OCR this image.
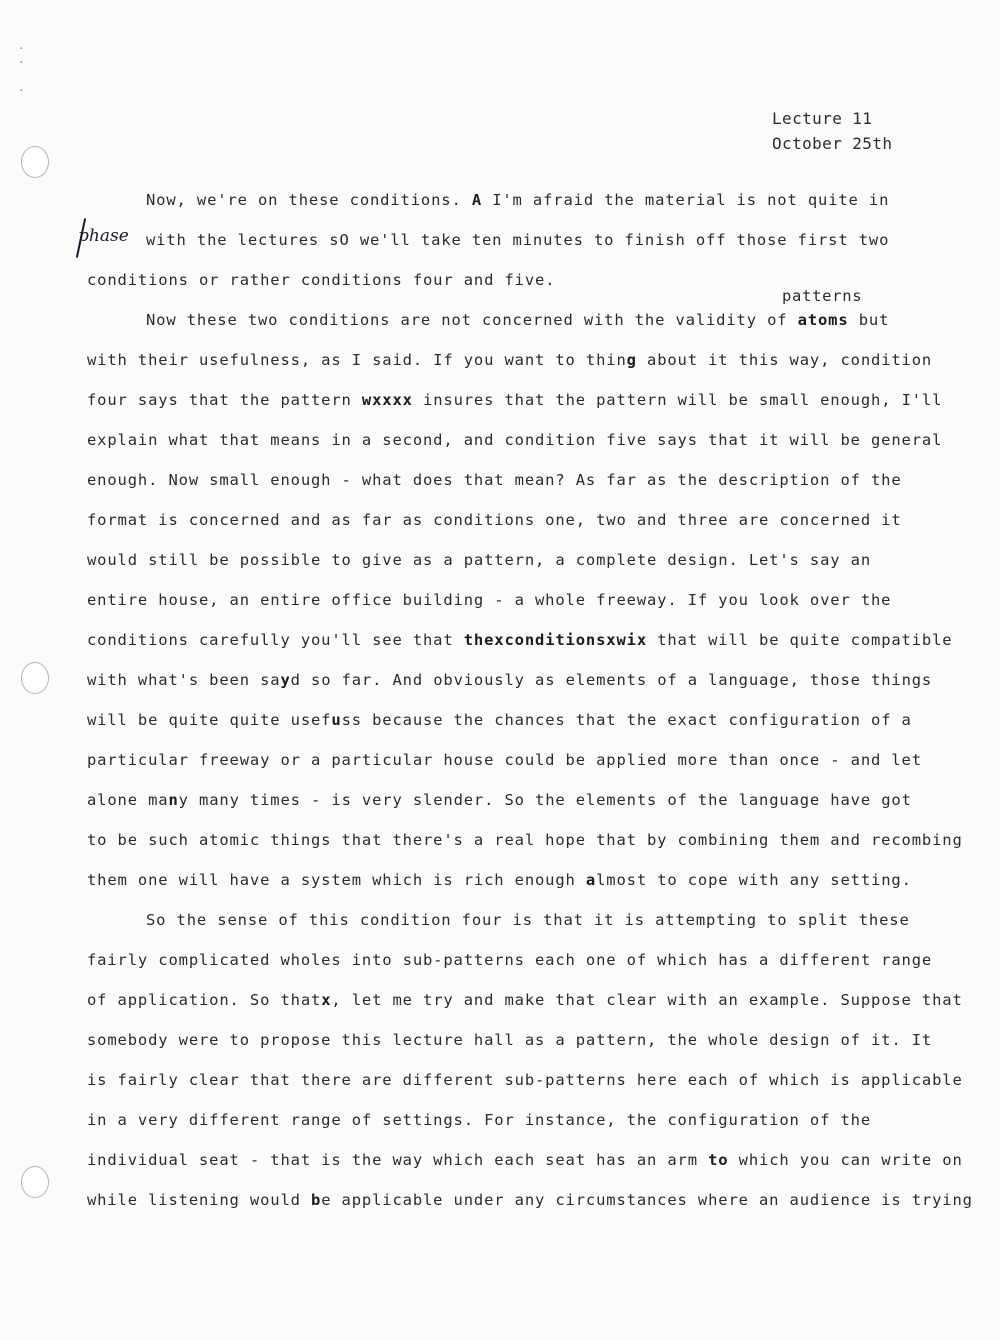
·
·

·
Lecture 11
October 25th
patterns
phase
Now, we're on these conditions. A I'm afraid the material is not quite in
with the lectures sO we'll take ten minutes to finish off those first two
conditions or rather conditions four and five.
Now these two conditions are not concerned with the validity of atoms but
with their usefulness, as I said. If you want to thing about it this way, condition
four says that the pattern wxxxx insures that the pattern will be small enough, I'll
explain what that means in a second, and condition five says that it will be general
enough. Now small enough - what does that mean? As far as the description of the
format is concerned and as far as conditions one, two and three are concerned it
would still be possible to give as a pattern, a complete design. Let's say an
entire house, an entire office building - a whole freeway. If you look over the
conditions carefully you'll see that thexconditionsxwix that will be quite compatible
with what's been sayd so far. And obviously as elements of a language, those things
will be quite quite usefuss because the chances that the exact configuration of a
particular freeway or a particular house could be applied more than once - and let
alone many many times - is very slender. So the elements of the language have got
to be such atomic things that there's a real hope that by combining them and recombing
them one will have a system which is rich enough almost to cope with any setting.
So the sense of this condition four is that it is attempting to split these
fairly complicated wholes into sub-patterns each one of which has a different range
of application. So thatx, let me try and make that clear with an example. Suppose that
somebody were to propose this lecture hall as a pattern, the whole design of it. It
is fairly clear that there are different sub-patterns here each of which is applicable
in a very different range of settings. For instance, the configuration of the
individual seat - that is the way which each seat has an arm to which you can write on
while listening would be applicable under any circumstances where an audience is trying
